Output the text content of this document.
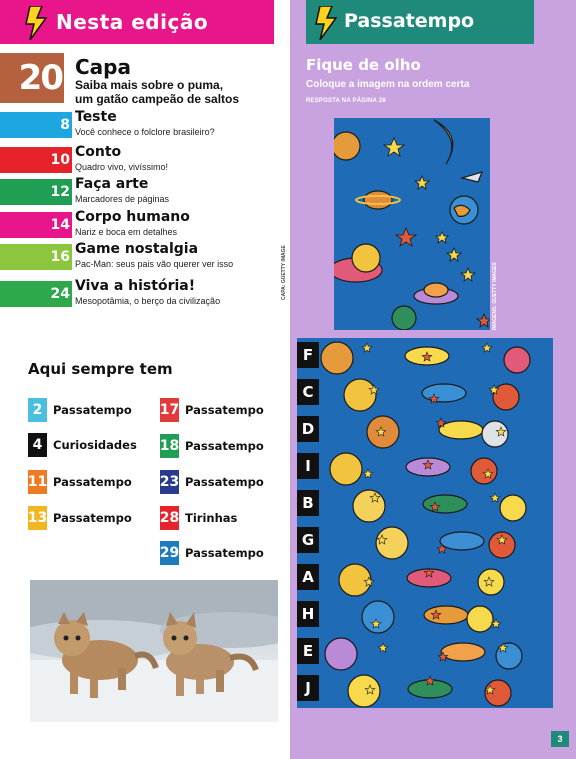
Nesta edição
20 Capa
Saiba mais sobre o puma,
um gatão campeão de saltos
8 Teste
Você conhece o folclore brasileiro?
10 Conto
Quadro vivo, vivíssimo!
12 Faça arte
Marcadores de páginas
14 Corpo humano
Nariz e boca em detalhes
16 Game nostalgia
Pac-Man: seus pais vão querer ver isso
24 Viva a história!
Mesopotâmia, o berço da civilização
Aqui sempre tem
2 Passatempo
4 Curiosidades
11 Passatempo
13 Passatempo
17 Passatempo
18 Passatempo
23 Passatempo
28 Tirinhas
29 Passatempo
CAPA: GUETTY IMAGE
Passatempo
Fique de olho
Coloque a imagem na ordem certa
RESPOSTA NA PÁGINA 28
IMAGENS: GUETTY IMAGES
F
C
D
I
B
G
A
H
E
J
3
